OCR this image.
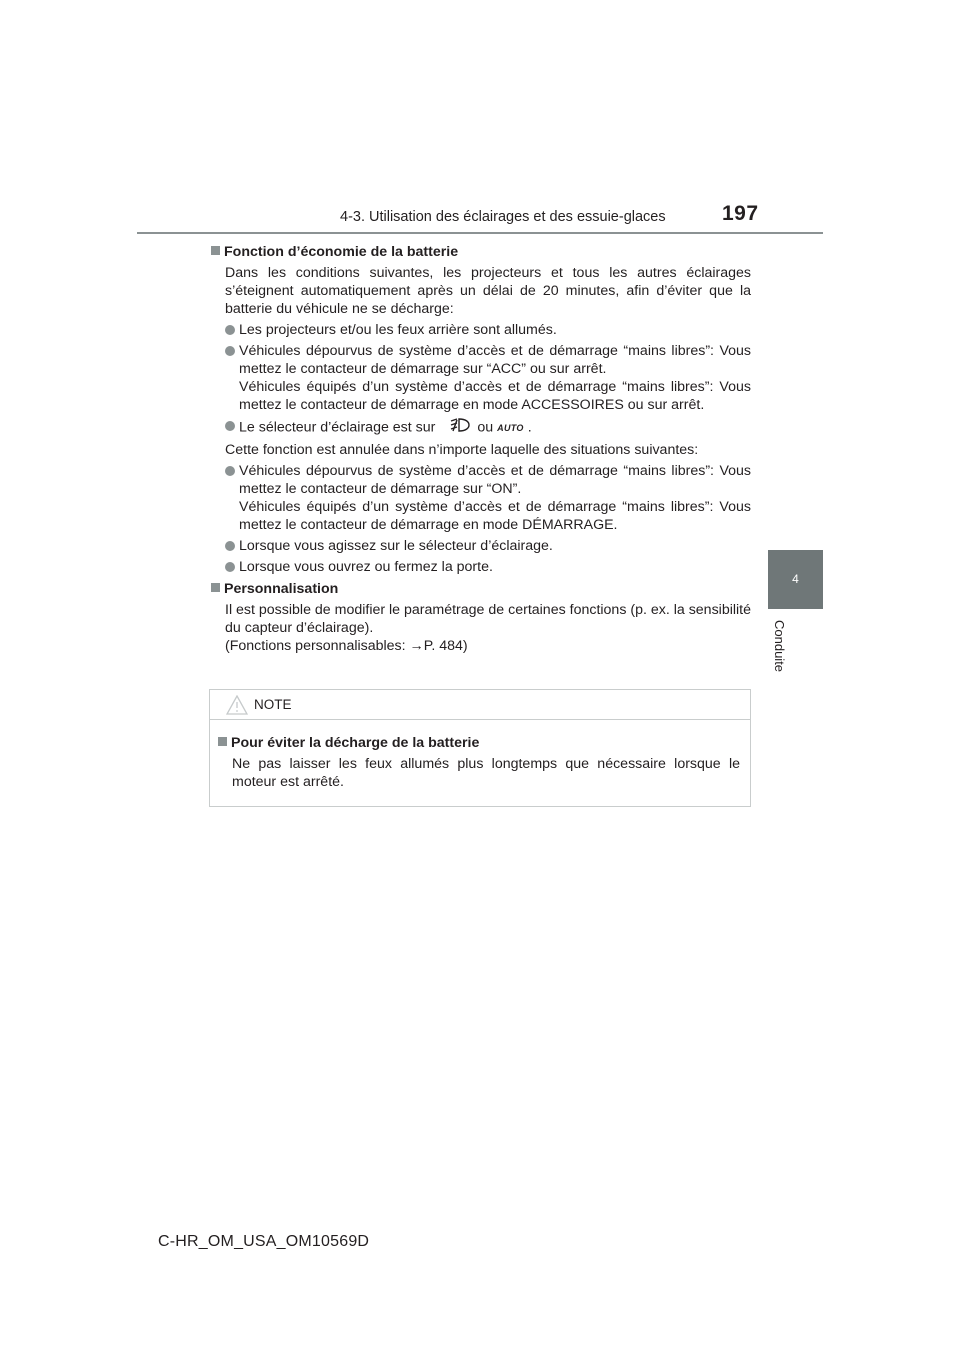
4-3. Utilisation des éclairages et des essuie-glaces	197
4
Conduite
Fonction d’économie de la batterie
Dans les conditions suivantes, les projecteurs et tous les autres éclairages s’éteignent automatiquement après un délai de 20 minutes, afin d’éviter que la batterie du véhicule ne se décharge:
Les projecteurs et/ou les feux arrière sont allumés.
Véhicules dépourvus de système d’accès et de démarrage “mains libres”: Vous mettez le contacteur de démarrage sur “ACC” ou sur arrêt.
Véhicules équipés d’un système d’accès et de démarrage “mains libres”: Vous mettez le contacteur de démarrage en mode ACCESSOIRES ou sur arrêt.
Le sélecteur d’éclairage est sur	ou AUTO .
Cette fonction est annulée dans n’importe laquelle des situations suivantes:
Véhicules dépourvus de système d’accès et de démarrage “mains libres”: Vous mettez le contacteur de démarrage sur “ON”.
Véhicules équipés d’un système d’accès et de démarrage “mains libres”: Vous mettez le contacteur de démarrage en mode DÉMARRAGE.
Lorsque vous agissez sur le sélecteur d’éclairage.
Lorsque vous ouvrez ou fermez la porte.
Personnalisation
Il est possible de modifier le paramétrage de certaines fonctions (p. ex. la sensibilité du capteur d’éclairage).
(Fonctions personnalisables: →P. 484)
NOTE
Pour éviter la décharge de la batterie
Ne pas laisser les feux allumés plus longtemps que nécessaire lorsque le moteur est arrêté.
C-HR_OM_USA_OM10569D
